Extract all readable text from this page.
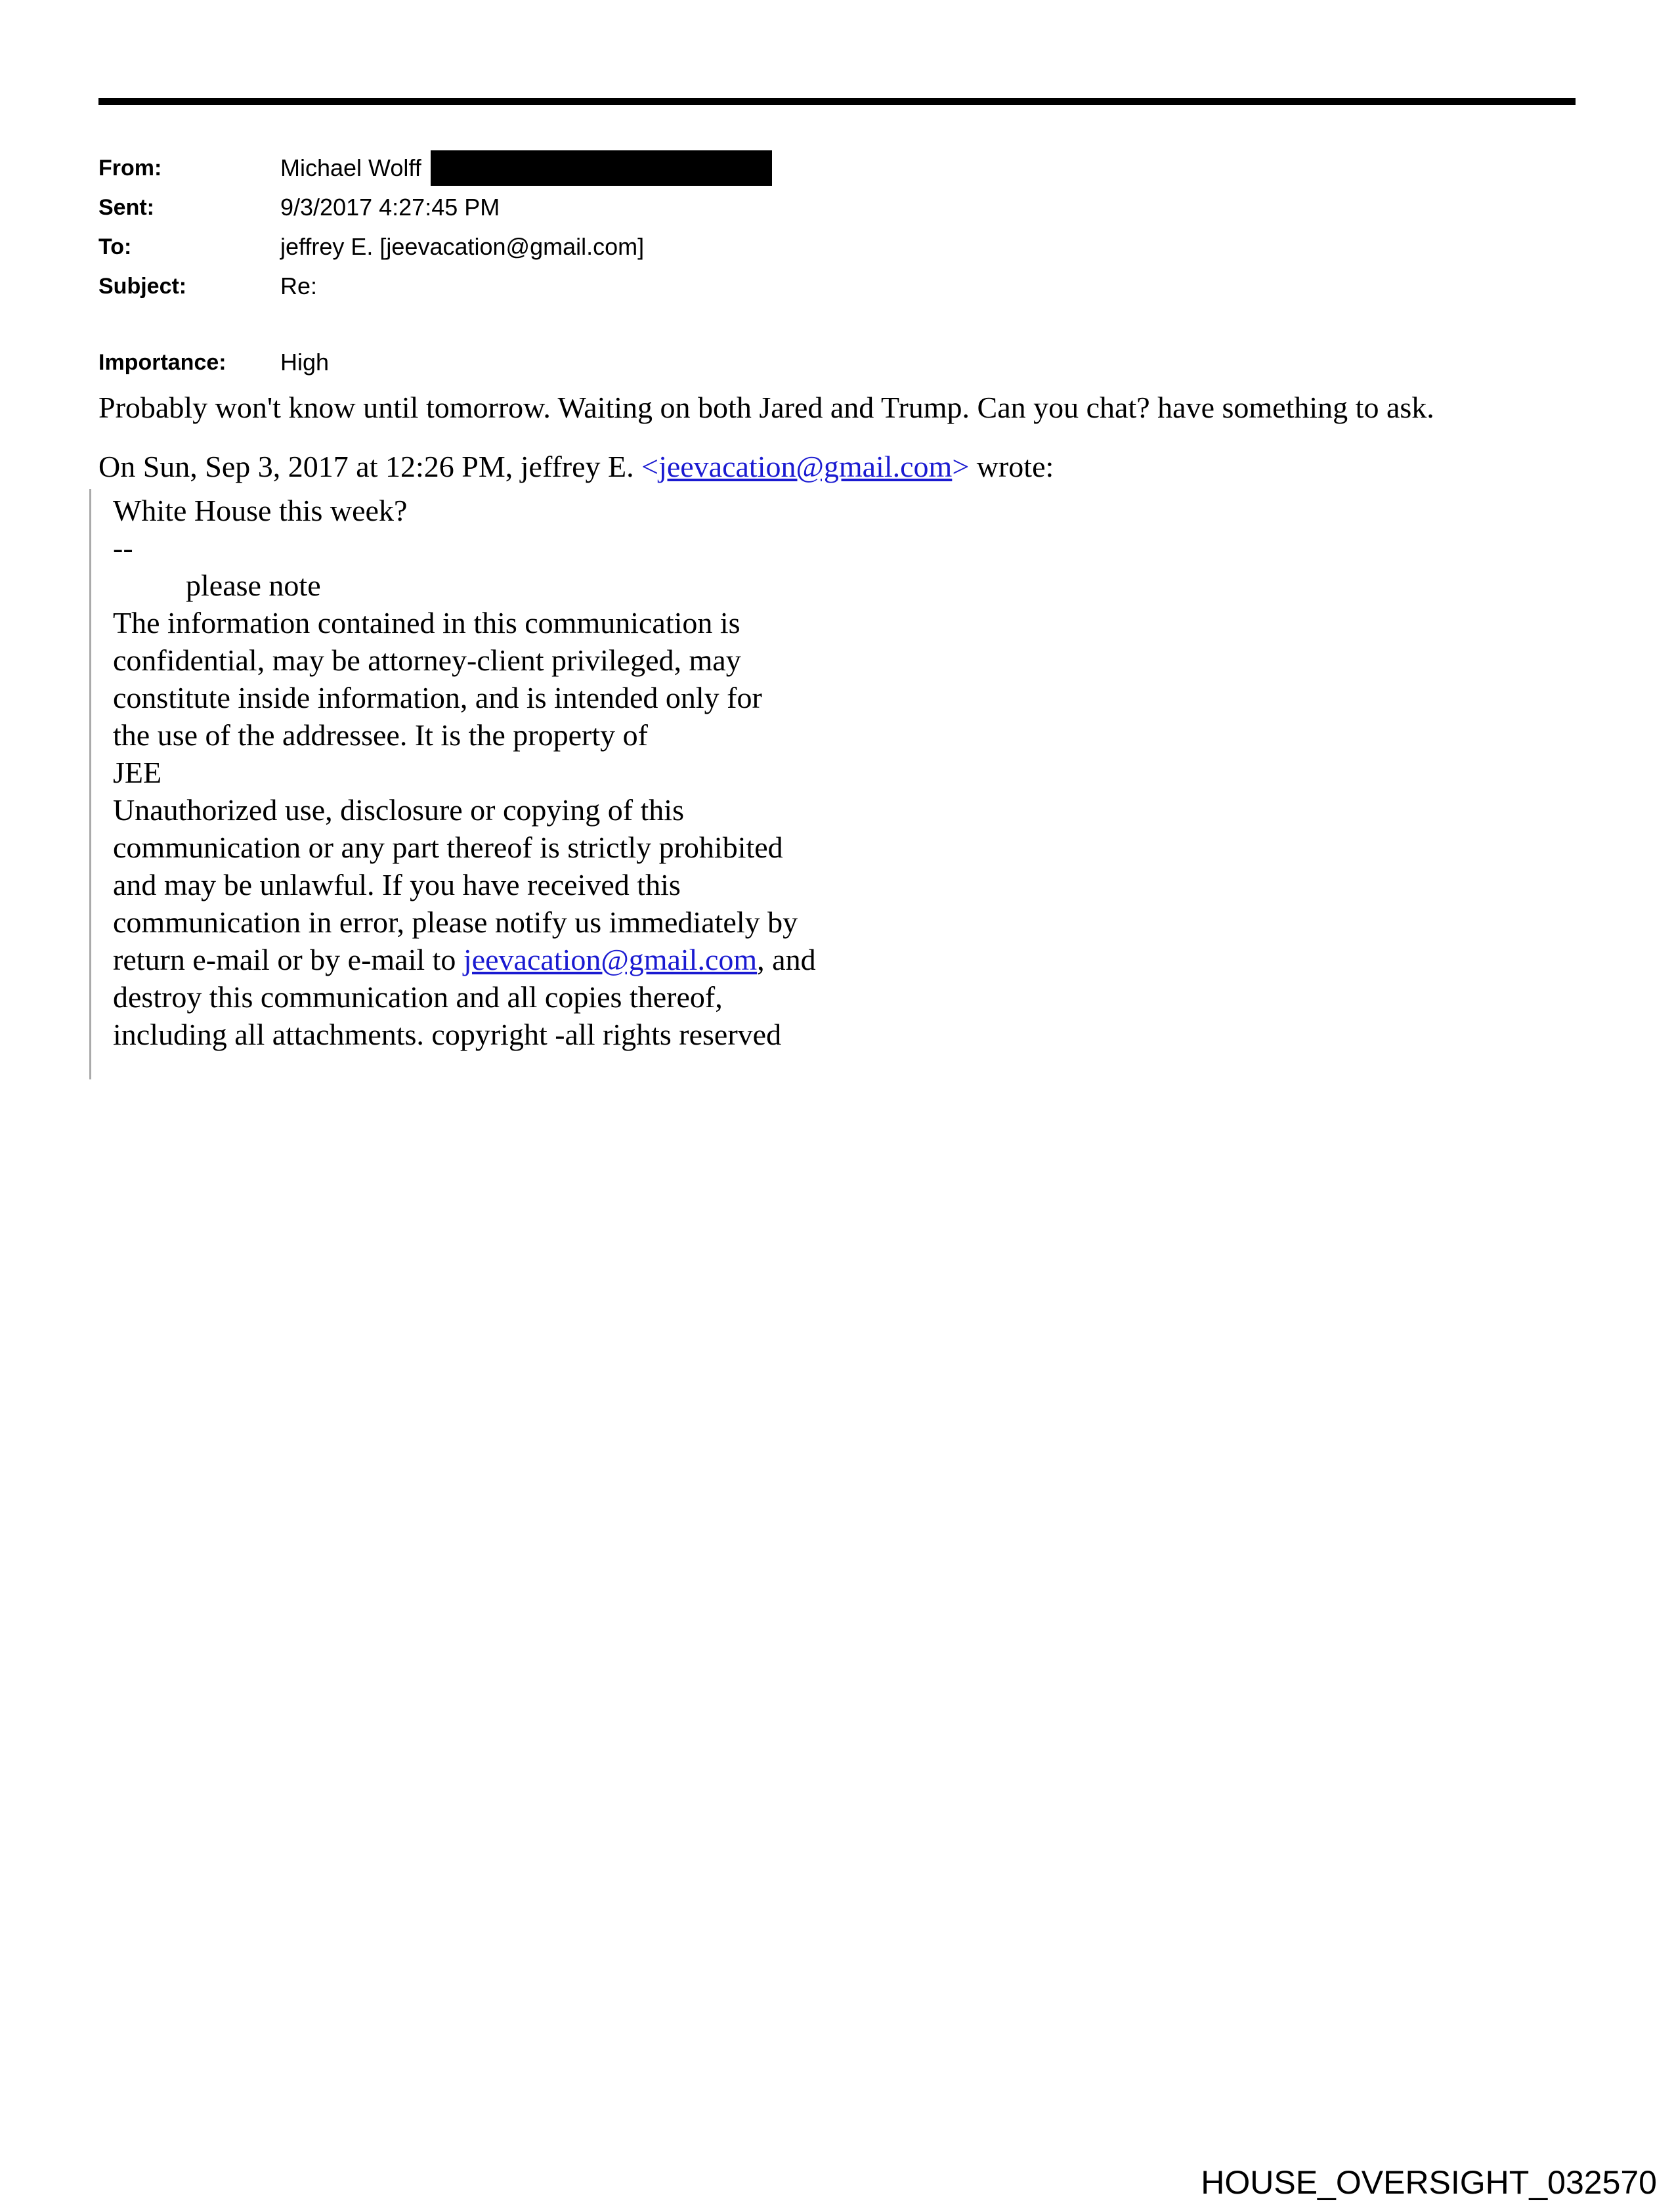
From:	Michael Wolff
Sent:	9/3/2017 4:27:45 PM
To:	jeffrey E. [jeevacation@gmail.com]
Subject:	Re:
Importance:	High
Probably won't know until tomorrow. Waiting on both Jared and Trump. Can you chat? have something to ask.
On Sun, Sep 3, 2017 at 12:26 PM, jeffrey E. <jeevacation@gmail.com> wrote:
White House this week?
--
please note
The information contained in this communication is
confidential, may be attorney-client privileged, may
constitute inside information, and is intended only for
the use of the addressee. It is the property of
JEE
Unauthorized use, disclosure or copying of this
communication or any part thereof is strictly prohibited
and may be unlawful. If you have received this
communication in error, please notify us immediately by
return e-mail or by e-mail to jeevacation@gmail.com, and
destroy this communication and all copies thereof,
including all attachments. copyright -all rights reserved
HOUSE_OVERSIGHT_032570
